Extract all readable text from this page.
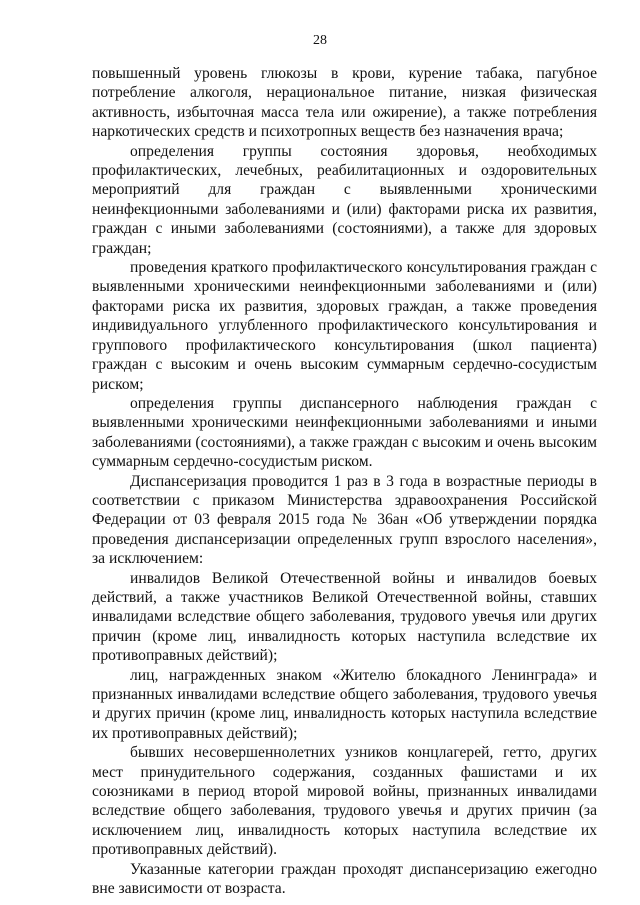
28

повышенный уровень глюкозы в крови, курение табака, пагубное потребление алкоголя, нерациональное питание, низкая физическая активность, избыточная масса тела или ожирение), а также потребления наркотических средств и психотропных веществ без назначения врача;

определения группы состояния здоровья, необходимых профилактических, лечебных, реабилитационных и оздоровительных мероприятий для граждан с выявленными хроническими неинфекционными заболеваниями и (или) факторами риска их развития, граждан с иными заболеваниями (состояниями), а также для здоровых граждан;

проведения краткого профилактического консультирования граждан с выявленными хроническими неинфекционными заболеваниями и (или) факторами риска их развития, здоровых граждан, а также проведения индивидуального углубленного профилактического консультирования и группового профилактического консультирования (школ пациента) граждан с высоким и очень высоким суммарным сердечно-сосудистым риском;

определения группы диспансерного наблюдения граждан с выявленными хроническими неинфекционными заболеваниями и иными заболеваниями (состояниями), а также граждан с высоким и очень высоким суммарным сердечно-сосудистым риском.

Диспансеризация проводится 1 раз в 3 года в возрастные периоды в соответствии с приказом Министерства здравоохранения Российской Федерации от 03 февраля 2015 года № 36ан «Об утверждении порядка проведения диспансеризации определенных групп взрослого населения», за исключением:

инвалидов Великой Отечественной войны и инвалидов боевых действий, а также участников Великой Отечественной войны, ставших инвалидами вследствие общего заболевания, трудового увечья или других причин (кроме лиц, инвалидность которых наступила вследствие их противоправных действий);

лиц, награжденных знаком «Жителю блокадного Ленинграда» и признанных инвалидами вследствие общего заболевания, трудового увечья и других причин (кроме лиц, инвалидность которых наступила вследствие их противоправных действий);

бывших несовершеннолетних узников концлагерей, гетто, других мест принудительного содержания, созданных фашистами и их союзниками в период второй мировой войны, признанных инвалидами вследствие общего заболевания, трудового увечья и других причин (за исключением лиц, инвалидность которых наступила вследствие их противоправных действий).

Указанные категории граждан проходят диспансеризацию ежегодно вне зависимости от возраста.
